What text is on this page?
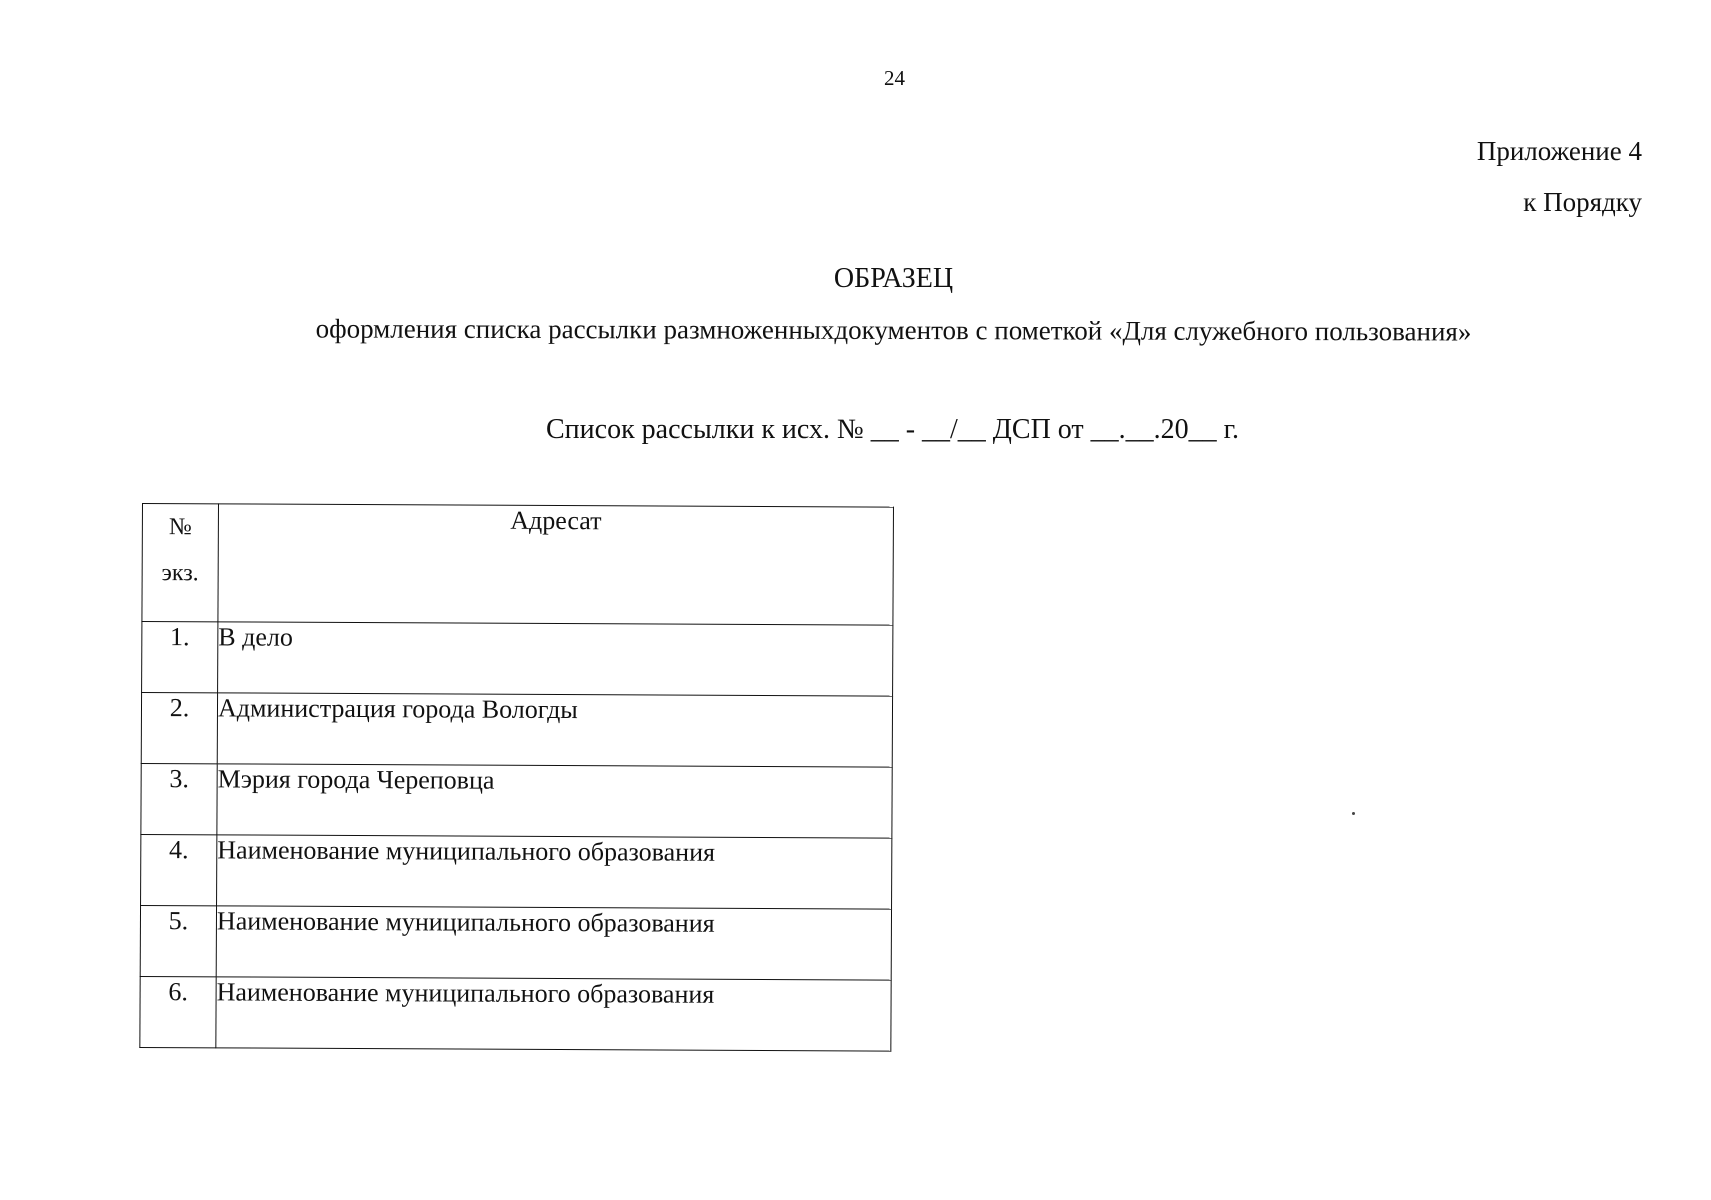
24
Приложение 4
к Порядку
ОБРАЗЕЦ
оформления списка рассылки размноженныхдокументов с пометкой «Для служебного пользования»
Список рассылки к исх. № __ - __/__ ДСП от __.__.20__ г.
№
экз.	Адресат
1.	В дело
2.	Администрация города Вологды
3.	Мэрия города Череповца
4.	Наименование муниципального образования
5.	Наименование муниципального образования
6.	Наименование муниципального образования
